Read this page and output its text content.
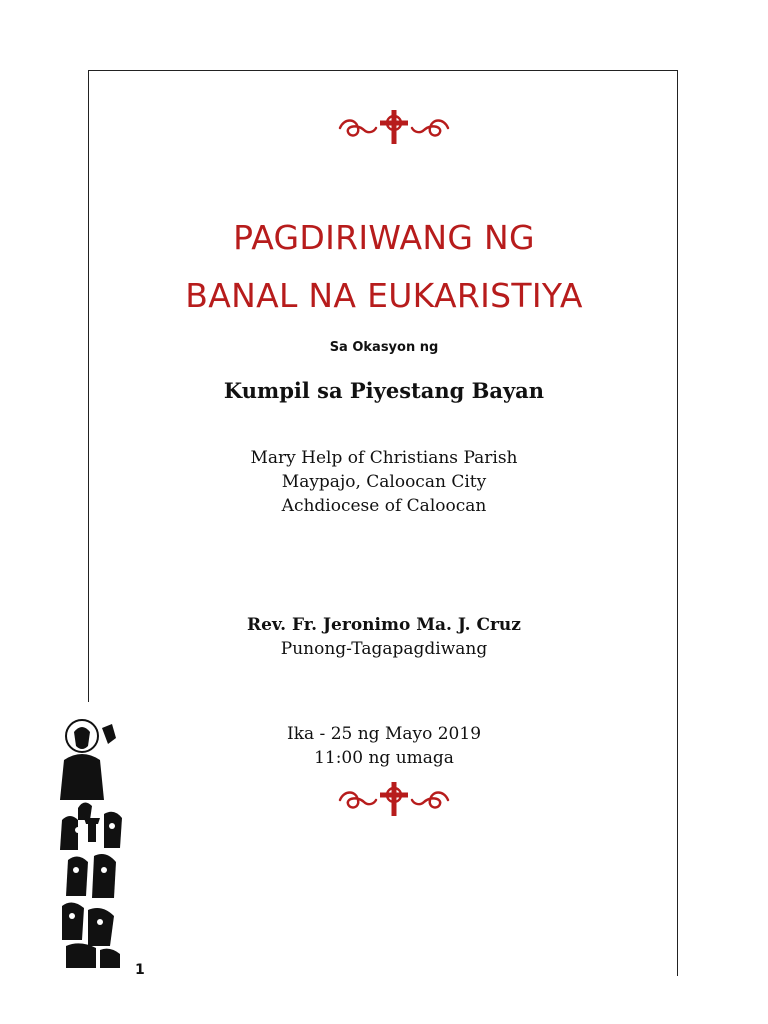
PAGDIRIWANG NG
BANAL NA EUKARISTIYA
Sa Okasyon ng
Kumpil sa Piyestang Bayan
Mary Help of Christians Parish
Maypajo, Caloocan City
Achdiocese of Caloocan
Rev. Fr. Jeronimo Ma. J. Cruz
Punong-Tagapagdiwang
Ika - 25 ng Mayo 2019
11:00 ng umaga
1
